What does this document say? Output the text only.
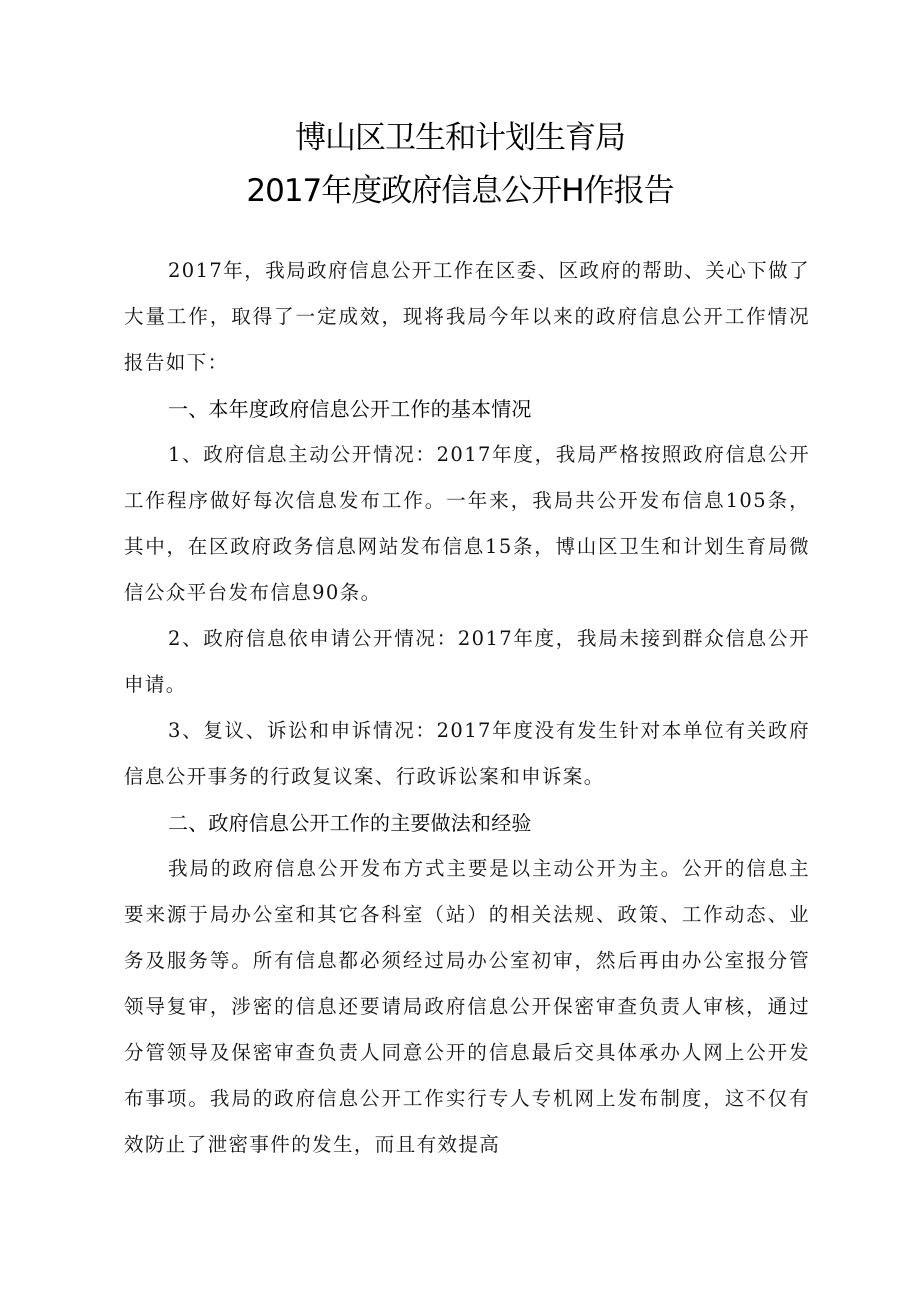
博山区卫生和计划生育局
2017年度政府信息公开H作报告

2017年，我局政府信息公开工作在区委、区政府的帮助、关心下做了大量工作，取得了一定成效，现将我局今年以来的政府信息公开工作情况报告如下：

一、本年度政府信息公开工作的基本情况

1、政府信息主动公开情况：2017年度，我局严格按照政府信息公开工作程序做好每次信息发布工作。一年来，我局共公开发布信息105条，其中，在区政府政务信息网站发布信息15条，博山区卫生和计划生育局微信公众平台发布信息90条。

2、政府信息依申请公开情况：2017年度，我局未接到群众信息公开申请。

3、复议、诉讼和申诉情况：2017年度没有发生针对本单位有关政府信息公开事务的行政复议案、行政诉讼案和申诉案。

二、政府信息公开工作的主要做法和经验

我局的政府信息公开发布方式主要是以主动公开为主。公开的信息主要来源于局办公室和其它各科室（站）的相关法规、政策、工作动态、业务及服务等。所有信息都必须经过局办公室初审，然后再由办公室报分管领导复审，涉密的信息还要请局政府信息公开保密审查负责人审核，通过分管领导及保密审查负责人同意公开的信息最后交具体承办人网上公开发布事项。我局的政府信息公开工作实行专人专机网上发布制度，这不仅有效防止了泄密事件的发生，而且有效提高
